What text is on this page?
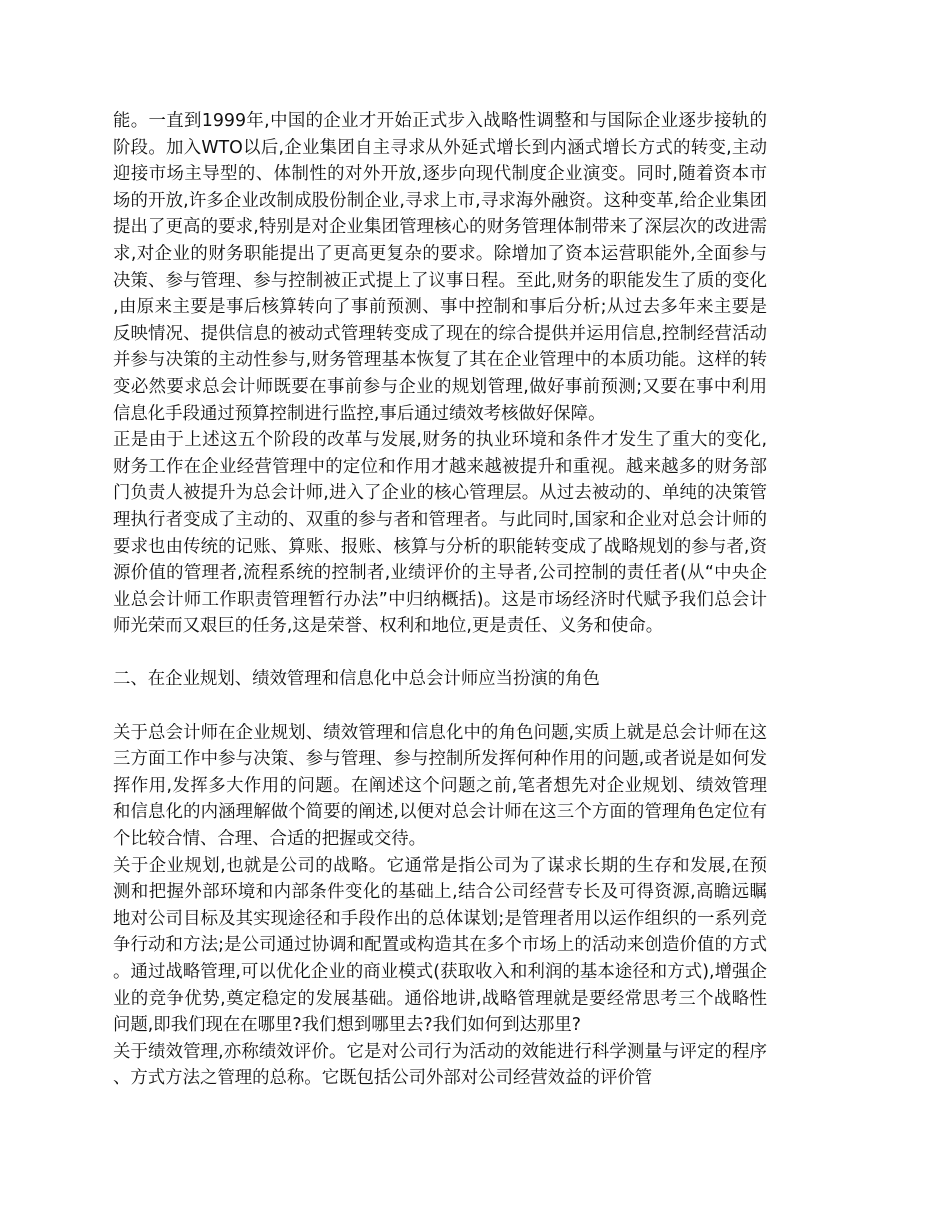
能。一直到1999年,中国的企业才开始正式步入战略性调整和与国际企业逐步接轨的阶段。加入WTO以后,企业集团自主寻求从外延式增长到内涵式增长方式的转变,主动迎接市场主导型的、体制性的对外开放,逐步向现代制度企业演变。同时,随着资本市场的开放,许多企业改制成股份制企业,寻求上市,寻求海外融资。这种变革,给企业集团提出了更高的要求,特别是对企业集团管理核心的财务管理体制带来了深层次的改进需求,对企业的财务职能提出了更高更复杂的要求。除增加了资本运营职能外,全面参与决策、参与管理、参与控制被正式提上了议事日程。至此,财务的职能发生了质的变化,由原来主要是事后核算转向了事前预测、事中控制和事后分析;从过去多年来主要是反映情况、提供信息的被动式管理转变成了现在的综合提供并运用信息,控制经营活动并参与决策的主动性参与,财务管理基本恢复了其在企业管理中的本质功能。这样的转变必然要求总会计师既要在事前参与企业的规划管理,做好事前预测;又要在事中利用信息化手段通过预算控制进行监控,事后通过绩效考核做好保障。

正是由于上述这五个阶段的改革与发展,财务的执业环境和条件才发生了重大的变化,财务工作在企业经营管理中的定位和作用才越来越被提升和重视。越来越多的财务部门负责人被提升为总会计师,进入了企业的核心管理层。从过去被动的、单纯的决策管理执行者变成了主动的、双重的参与者和管理者。与此同时,国家和企业对总会计师的要求也由传统的记账、算账、报账、核算与分析的职能转变成了战略规划的参与者,资源价值的管理者,流程系统的控制者,业绩评价的主导者,公司控制的责任者(从“中央企业总会计师工作职责管理暂行办法”中归纳概括)。这是市场经济时代赋予我们总会计师光荣而又艰巨的任务,这是荣誉、权利和地位,更是责任、义务和使命。

二、在企业规划、绩效管理和信息化中总会计师应当扮演的角色

关于总会计师在企业规划、绩效管理和信息化中的角色问题,实质上就是总会计师在这三方面工作中参与决策、参与管理、参与控制所发挥何种作用的问题,或者说是如何发挥作用,发挥多大作用的问题。在阐述这个问题之前,笔者想先对企业规划、绩效管理和信息化的内涵理解做个简要的阐述,以便对总会计师在这三个方面的管理角色定位有个比较合情、合理、合适的把握或交待。

关于企业规划,也就是公司的战略。它通常是指公司为了谋求长期的生存和发展,在预测和把握外部环境和内部条件变化的基础上,结合公司经营专长及可得资源,高瞻远瞩地对公司目标及其实现途径和手段作出的总体谋划;是管理者用以运作组织的一系列竞争行动和方法;是公司通过协调和配置或构造其在多个市场上的活动来创造价值的方式。通过战略管理,可以优化企业的商业模式(获取收入和利润的基本途径和方式),增强企业的竞争优势,奠定稳定的发展基础。通俗地讲,战略管理就是要经常思考三个战略性问题,即我们现在在哪里?我们想到哪里去?我们如何到达那里?

关于绩效管理,亦称绩效评价。它是对公司行为活动的效能进行科学测量与评定的程序、方式方法之管理的总称。它既包括公司外部对公司经营效益的评价管
